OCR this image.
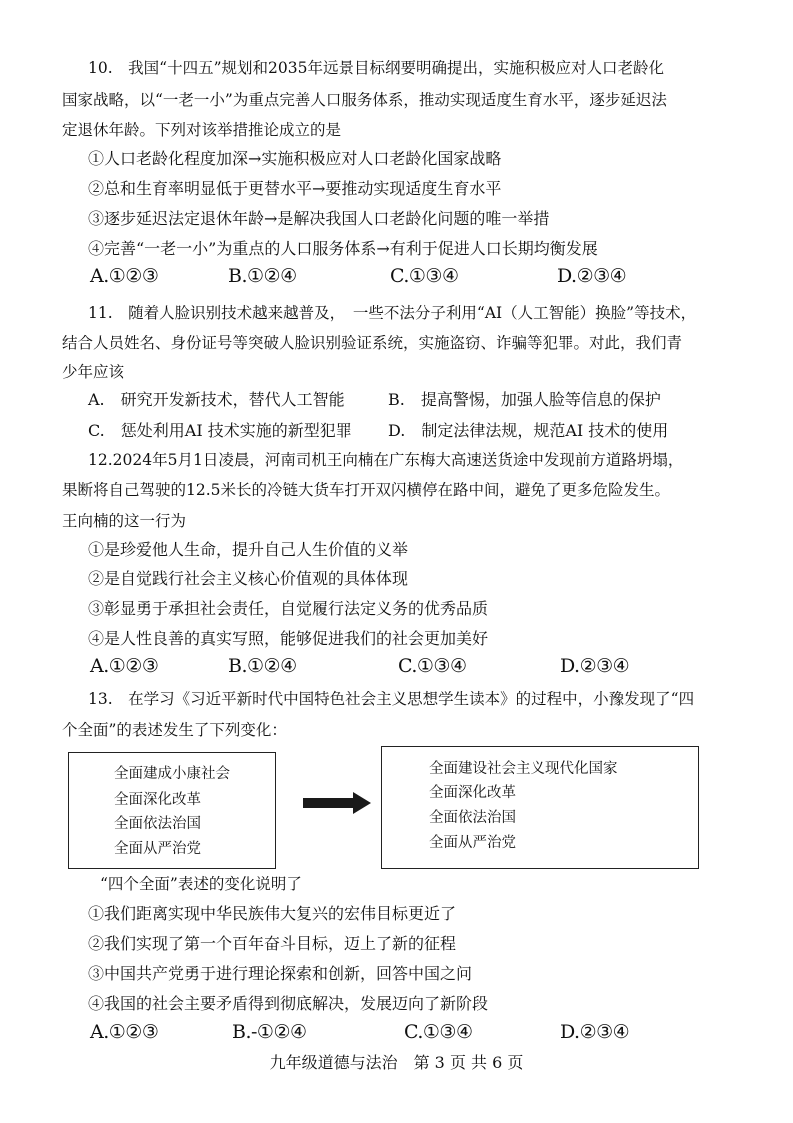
10.　我国“十四五”规划和2035年远景目标纲要明确提出，实施积极应对人口老龄化
国家战略，以“一老一小”为重点完善人口服务体系，推动实现适度生育水平，逐步延迟法
定退休年龄。下列对该举措推论成立的是
①人口老龄化程度加深→实施积极应对人口老龄化国家战略
②总和生育率明显低于更替水平→要推动实现适度生育水平
③逐步延迟法定退休年龄→是解决我国人口老龄化问题的唯一举措
④完善“一老一小”为重点的人口服务体系→有利于促进人口长期均衡发展
A.①②③	B.①②④	C.①③④	D.②③④
11.　随着人脸识别技术越来越普及，　一些不法分子利用“AI（人工智能）换脸”等技术，
结合人员姓名、身份证号等突破人脸识别验证系统，实施盗窃、诈骗等犯罪。对此，我们青
少年应该
A.　研究开发新技术，替代人工智能	B.　提高警惕，加强人脸等信息的保护
C.　惩处利用AI 技术实施的新型犯罪 D.　制定法律法规，规范AI 技术的使用
12.2024年5月1日凌晨，河南司机王向楠在广东梅大高速送货途中发现前方道路坍塌，
果断将自己驾驶的12.5米长的冷链大货车打开双闪横停在路中间，避免了更多危险发生。
王向楠的这一行为
①是珍爱他人生命，提升自己人生价值的义举
②是自觉践行社会主义核心价值观的具体体现
③彰显勇于承担社会责任，自觉履行法定义务的优秀品质
④是人性良善的真实写照，能够促进我们的社会更加美好
A.①②③	B.①②④	C.①③④	D.②③④
13.　在学习《习近平新时代中国特色社会主义思想学生读本》的过程中，小豫发现了“四
个全面”的表述发生了下列变化：
全面建成小康社会
全面深化改革
全面依法治国
全面从严治党
全面建设社会主义现代化国家
全面深化改革
全面依法治国
全面从严治党
“四个全面”表述的变化说明了
①我们距离实现中华民族伟大复兴的宏伟目标更近了
②我们实现了第一个百年奋斗目标，迈上了新的征程
③中国共产党勇于进行理论探索和创新，回答中国之问
④我国的社会主要矛盾得到彻底解决，发展迈向了新阶段
A.①②③	B.-①②④	C.①③④	D.②③④
九年级道德与法治　第 3 页 共 6 页
